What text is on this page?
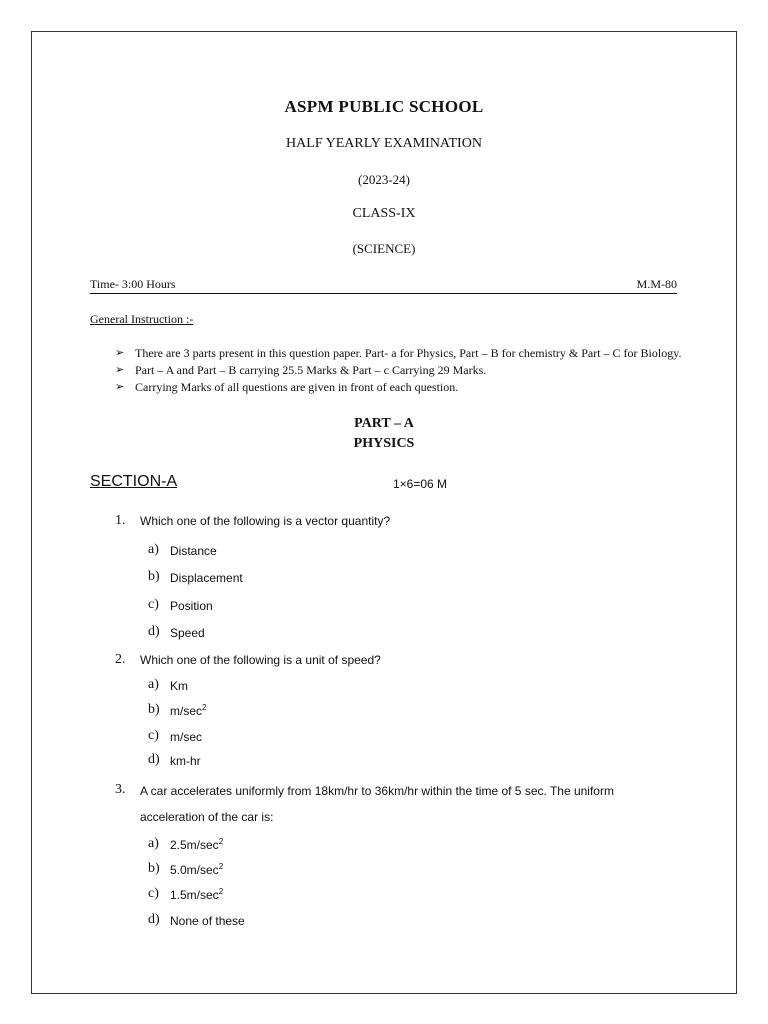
ASPM PUBLIC SCHOOL
HALF YEARLY EXAMINATION
(2023-24)
CLASS-IX
(SCIENCE)
Time- 3:00 Hours	M.M-80
General Instruction :-
➢ There are 3 parts present in this question paper. Part- a for Physics, Part – B for chemistry & Part – C for Biology.
➢ Part – A and Part – B carrying 25.5 Marks & Part – c Carrying 29 Marks.
➢ Carrying Marks of all questions are given in front of each question.
PART – A
PHYSICS
SECTION-A	1×6=06 M
1. Which one of the following is a vector quantity?
a) Distance
b) Displacement
c) Position
d) Speed
2. Which one of the following is a unit of speed?
a) Km
b) $m/\sec^2$
c) m/sec
d) km-hr
3. A car accelerates uniformly from 18km/hr to 36km/hr within the time of 5 sec. The uniform acceleration of the car is:
a) $2.5m/\sec^2$
b) $5.0m/\sec^2$
c) $1.5m/\sec^2$
d) None of these
